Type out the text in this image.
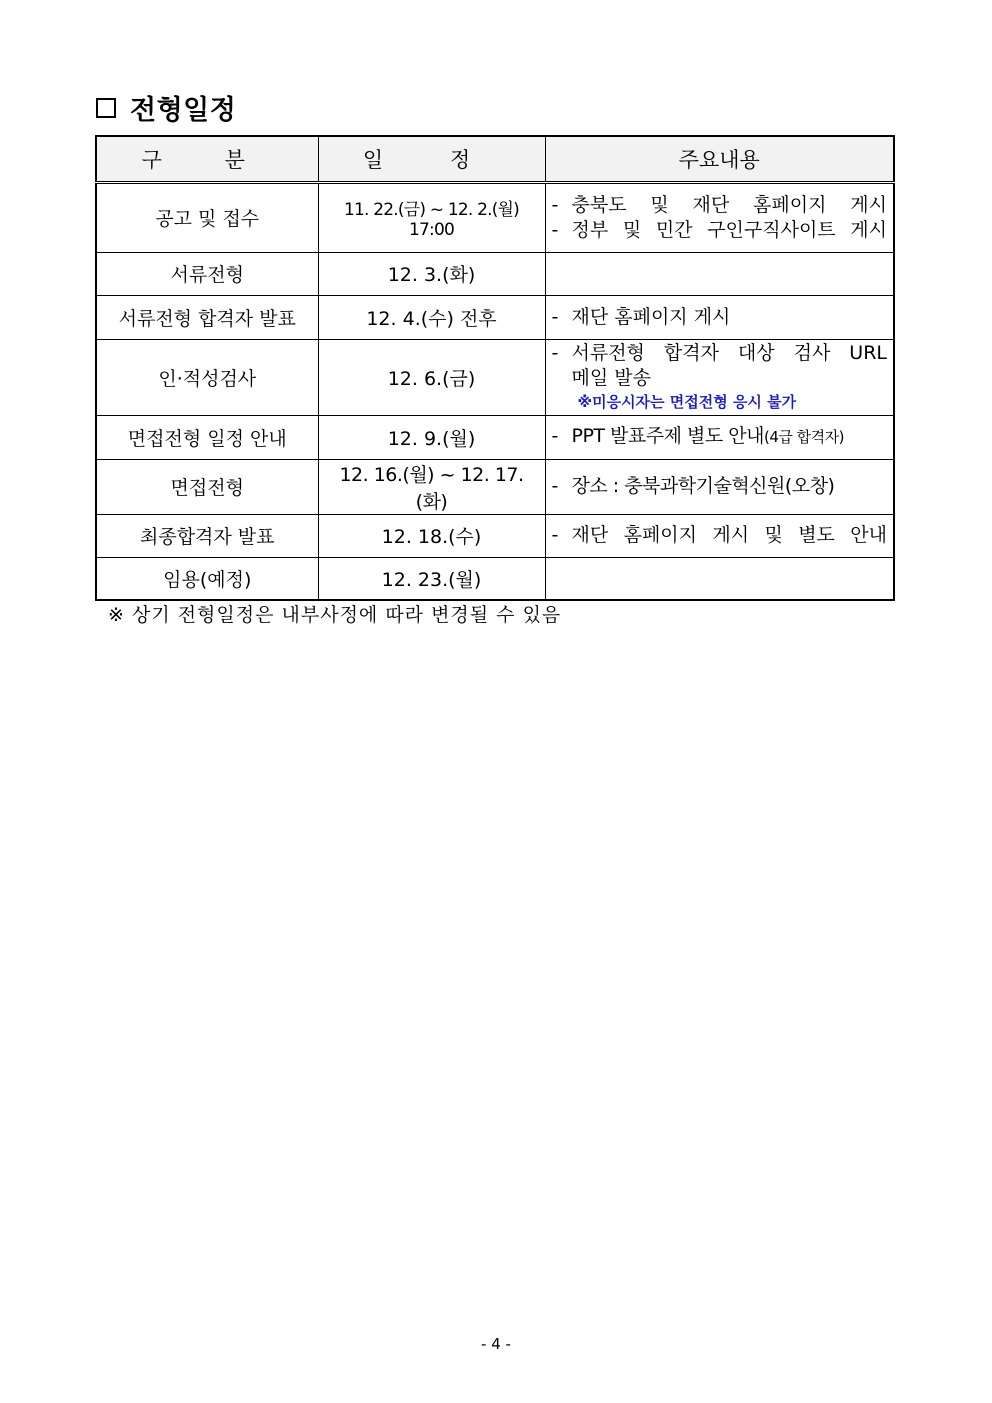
전형일정
구 분	일 정	주요내용
공고 및 접수	11. 22.(금) ~ 12. 2.(월) 17:00	- 충북도 및 재단 홈페이지 게시
- 정부 및 민간 구인구직사이트 게시

서류전형	12. 3.(화)	
서류전형 합격자 발표	12. 4.(수) 전후	- 재단 홈페이지 게시

인·적성검사	12. 6.(금)	- 서류전형 합격자 대상 검사 URL
메일 발송
※미응시자는 면접전형 응시 불가

면접전형 일정 안내	12. 9.(월)	- PPT 발표주제 별도 안내(4급 합격자)

면접전형	12. 16.(월) ~ 12. 17.(화)	- 장소 : 충북과학기술혁신원(오창)

최종합격자 발표	12. 18.(수)	- 재단 홈페이지 게시 및 별도 안내

임용(예정)	12. 23.(월)	
※ 상기 전형일정은 내부사정에 따라 변경될 수 있음
- 4 -
